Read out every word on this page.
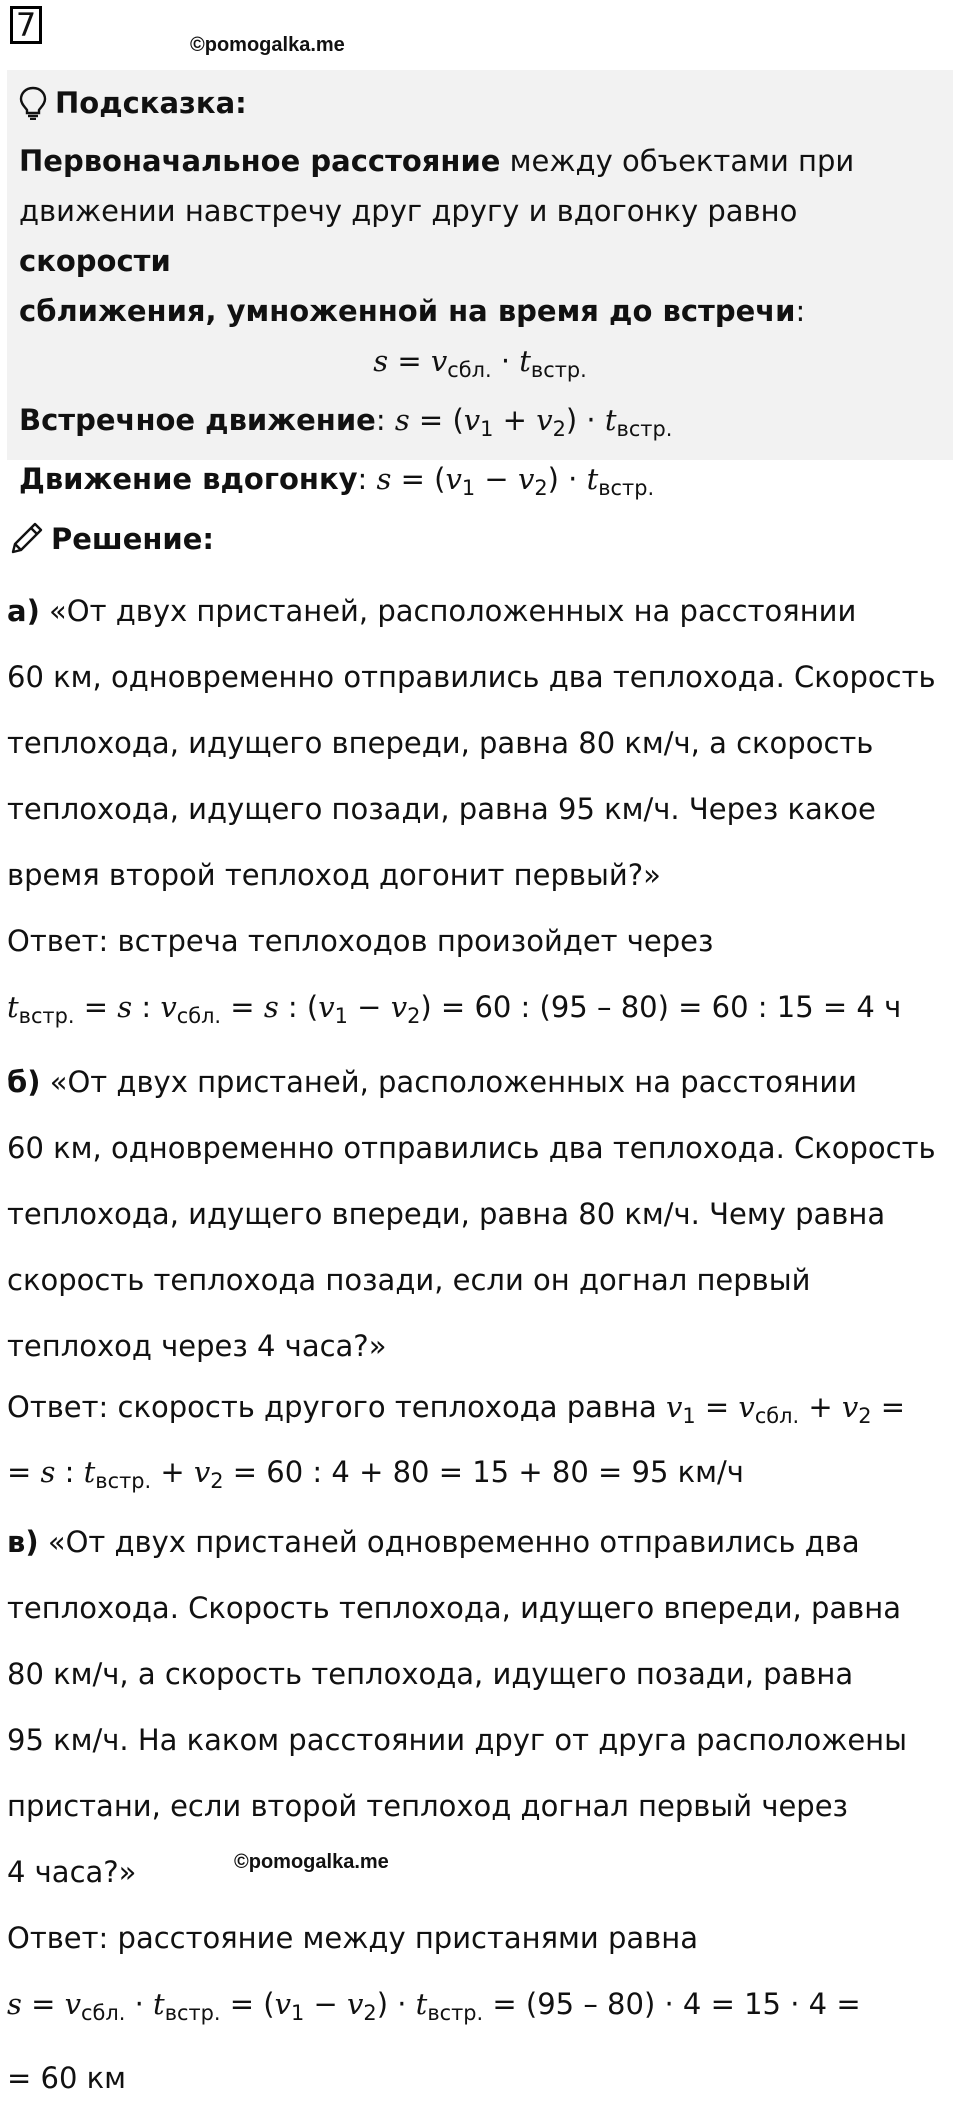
7
©pomogalka.me
Подсказка:

Первоначальное расстояние между объектами при

движении навстречу друг другу и вдогонку равно скорости

сближения, умноженной на время до встречи:

$s = v_{сбл.} \cdot t_{встр.}$

Встречное движение: $s = (v_1 + v_2) \cdot t_{встр.}$

Движение вдогонку: $s = (v_1 - v_2) \cdot t_{встр.}$

Решение:
а) «От двух пристаней, расположенных на расстоянии
60 км, одновременно отправились два теплохода. Скорость
теплохода, идущего впереди, равна 80 км/ч, а скорость
теплохода, идущего позади, равна 95 км/ч. Через какое
время второй теплоход догонит первый?»
Ответ: встреча теплоходов произойдет через
$t_{встр.} = s$ : $v_{сбл.} = s$ : $(v_1 - v_2) = 60$ : (95 – 80) = 60 : 15 = 4 ч
б) «От двух пристаней, расположенных на расстоянии
60 км, одновременно отправились два теплохода. Скорость
теплохода, идущего впереди, равна 80 км/ч. Чему равна
скорость теплохода позади, если он догнал первый
теплоход через 4 часа?»
Ответ: скорость другого теплохода равна $v_1 = v_{сбл.} + v_2$ =
= s : $t_{встр.} + v_2 = 60$ : 4 + 80 = 15 + 80 = 95 км/ч
в) «От двух пристаней одновременно отправились два
теплохода. Скорость теплохода, идущего впереди, равна
80 км/ч, а скорость теплохода, идущего позади, равна
95 км/ч. На каком расстоянии друг от друга расположены
пристани, если второй теплоход догнал первый через
4 часа?»
Ответ: расстояние между пристанями равна
$s = v_{сбл.} \cdot t_{встр.} = (v_1 - v_2) \cdot t_{встр.} = (95 - 80) \cdot 4 = 15 \cdot 4$ =
= 60 км
©pomogalka.me
